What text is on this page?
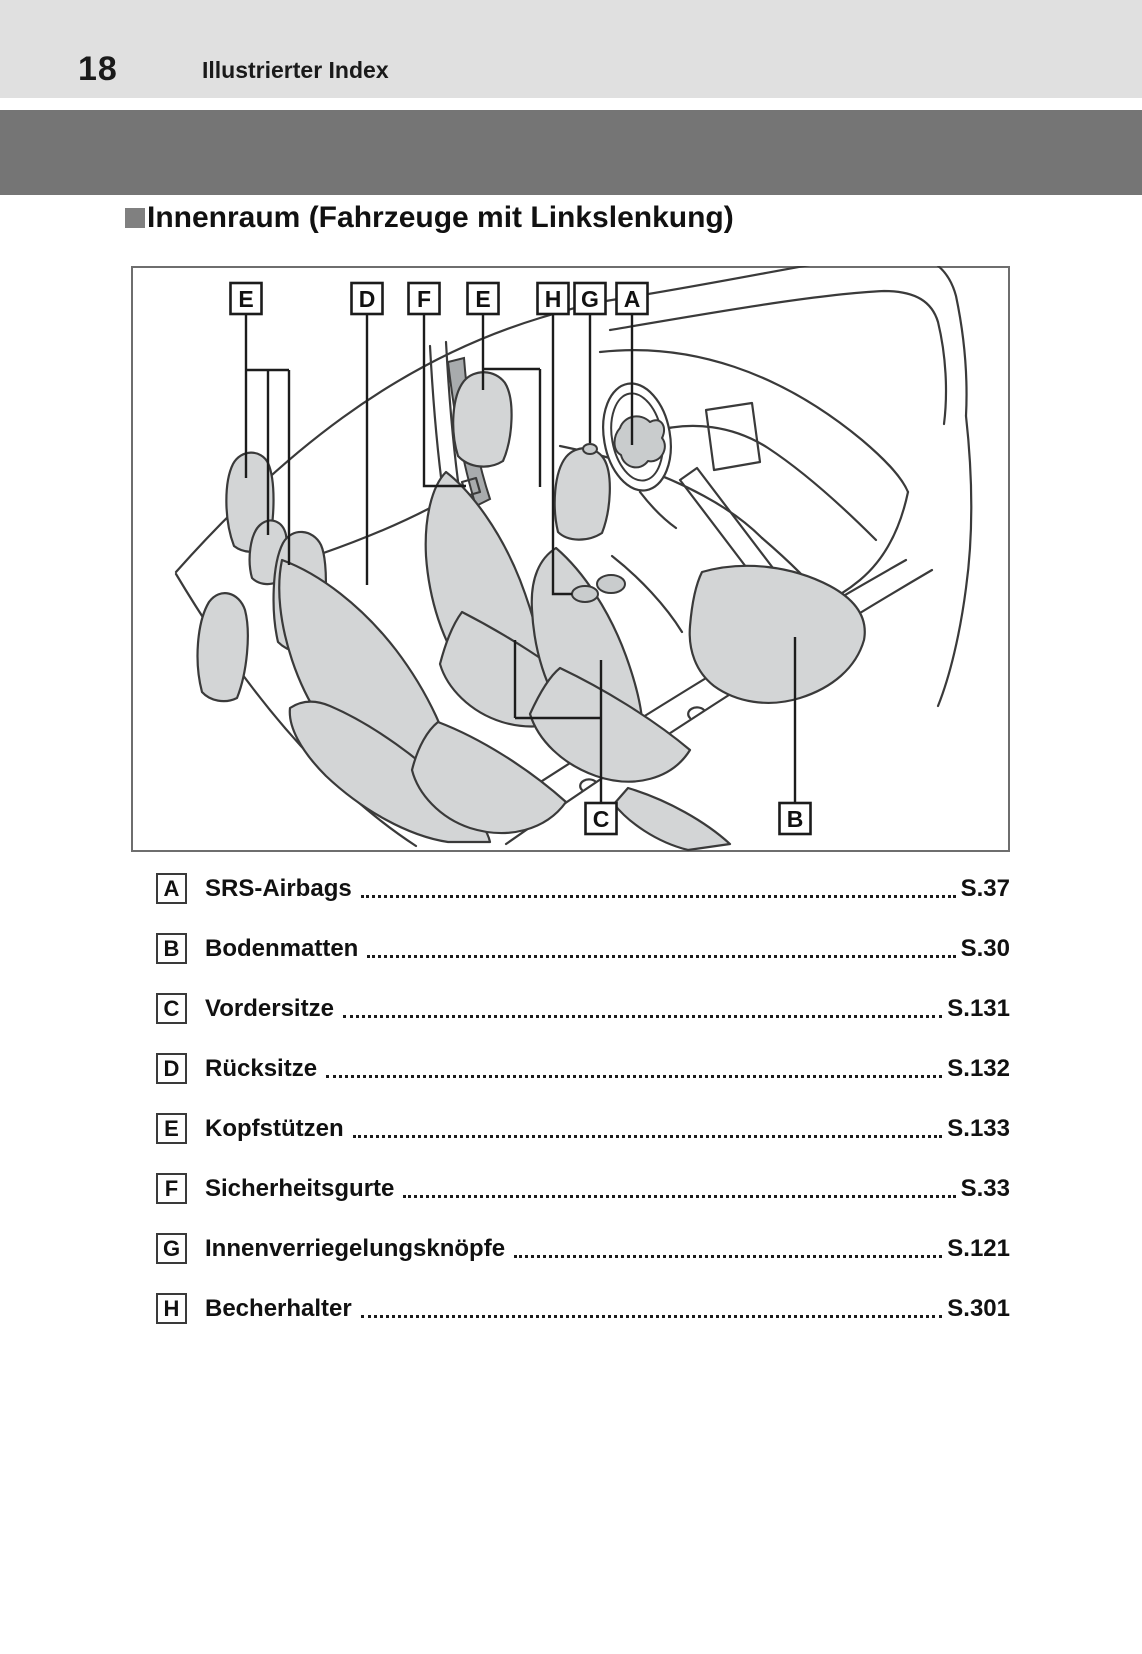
18	Illustrierter Index
Innenraum (Fahrzeuge mit Linkslenkung)
E	D F E H G A
C	B
A	SRS-Airbags	S.37
B	Bodenmatten	S.30
C	Vordersitze	S.131
D	Rücksitze	S.132
E	Kopfstützen	S.133
F	Sicherheitsgurte	S.33
G Innenverriegelungsknöpfe	S.121
H	Becherhalter	S.301
